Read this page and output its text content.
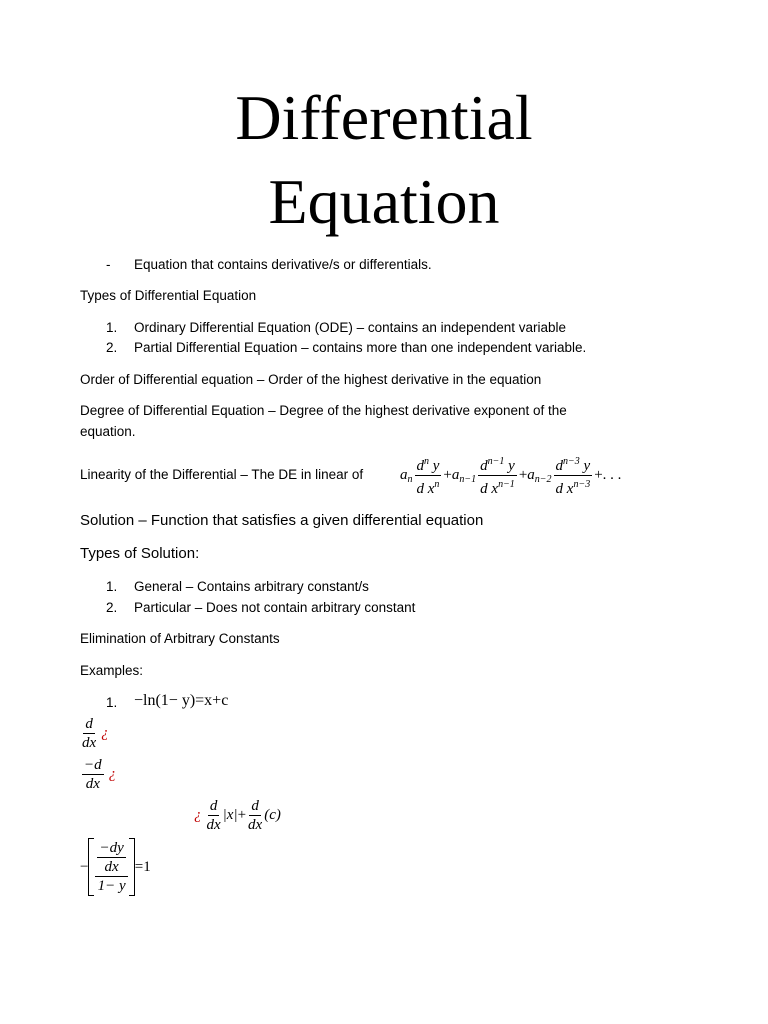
Differential
Equation
- Equation that contains derivative/s or differentials.
Types of Differential Equation
1. Ordinary Differential Equation (ODE) – contains an independent variable
2. Partial Differential Equation – contains more than one independent variable.
Order of Differential equation – Order of the highest derivative in the equation
Degree of Differential Equation – Degree of the highest derivative exponent of the
equation.
Linearity of the Differential – The DE in linear of $a_n \frac{d^n y}{d x^n} + a_{n-1} \frac{d^{n-1} y}{d x^{n-1}} + a_{n-2} \frac{d^{n-3} y}{d x^{n-3}}$ +. . .
Solution – Function that satisfies a given differential equation
Types of Solution:
1. General – Contains arbitrary constant/s
2. Particular – Does not contain arbitrary constant
Elimination of Arbitrary Constants
Examples:
1. −ln(1− y)=x+c
$\frac{d}{dx}$ ¿
$\frac{-d}{dx}$ ¿
¿ $\frac{d}{dx} |x| + \frac{d}{dx} (c)$
− $\frac{\frac{-dy}{dx}}{1- y} =1$
